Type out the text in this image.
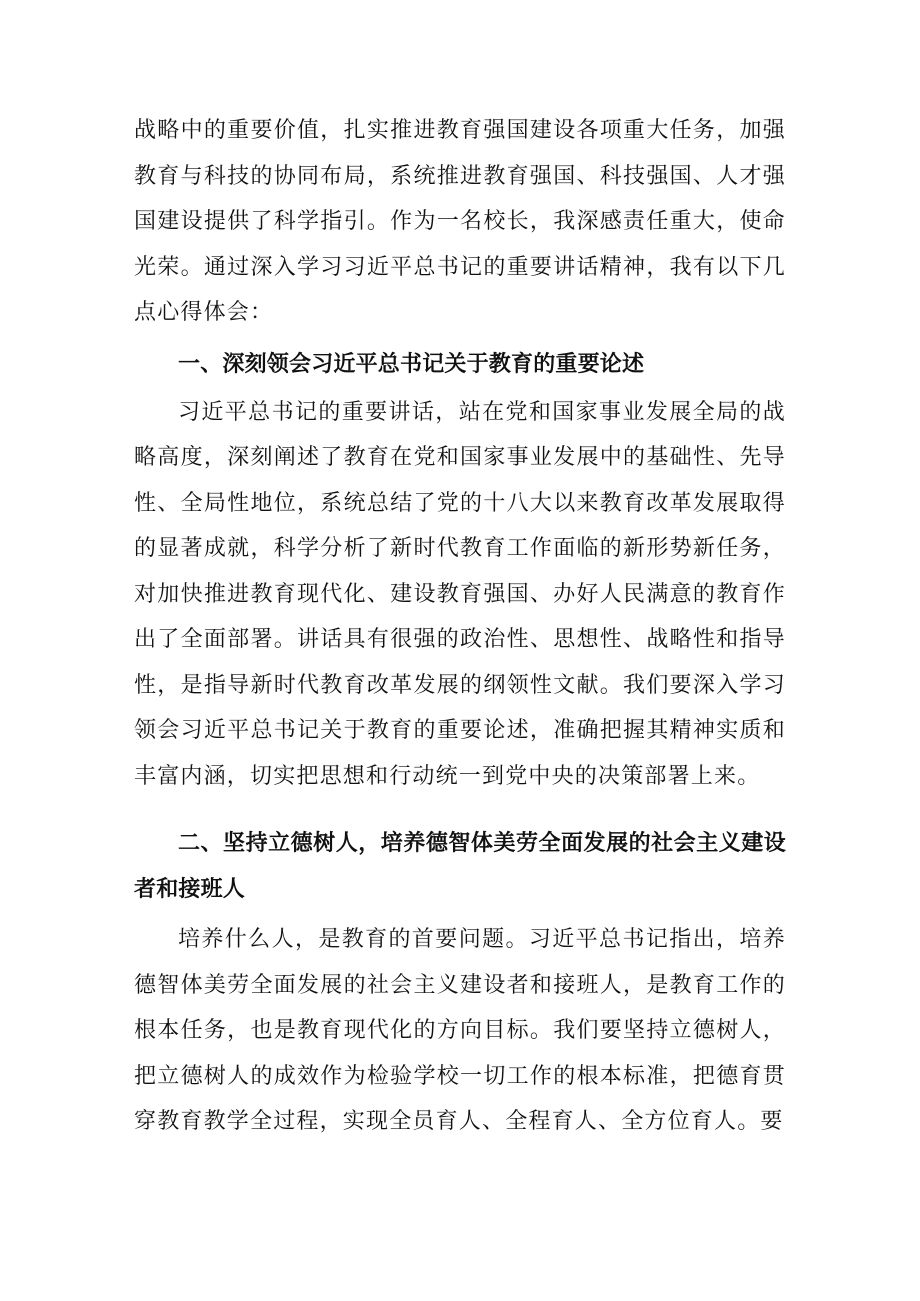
战略中的重要价值，扎实推进教育强国建设各项重大任务，加强教育与科技的协同布局，系统推进教育强国、科技强国、人才强国建设提供了科学指引。作为一名校长，我深感责任重大，使命光荣。通过深入学习习近平总书记的重要讲话精神，我有以下几点心得体会：

一、深刻领会习近平总书记关于教育的重要论述

习近平总书记的重要讲话，站在党和国家事业发展全局的战略高度，深刻阐述了教育在党和国家事业发展中的基础性、先导性、全局性地位，系统总结了党的十八大以来教育改革发展取得的显著成就，科学分析了新时代教育工作面临的新形势新任务，对加快推进教育现代化、建设教育强国、办好人民满意的教育作出了全面部署。讲话具有很强的政治性、思想性、战略性和指导性，是指导新时代教育改革发展的纲领性文献。我们要深入学习领会习近平总书记关于教育的重要论述，准确把握其精神实质和丰富内涵，切实把思想和行动统一到党中央的决策部署上来。

二、坚持立德树人，培养德智体美劳全面发展的社会主义建设者和接班人

培养什么人，是教育的首要问题。习近平总书记指出，培养德智体美劳全面发展的社会主义建设者和接班人，是教育工作的根本任务，也是教育现代化的方向目标。我们要坚持立德树人，把立德树人的成效作为检验学校一切工作的根本标准，把德育贯穿教育教学全过程，实现全员育人、全程育人、全方位育人。要
